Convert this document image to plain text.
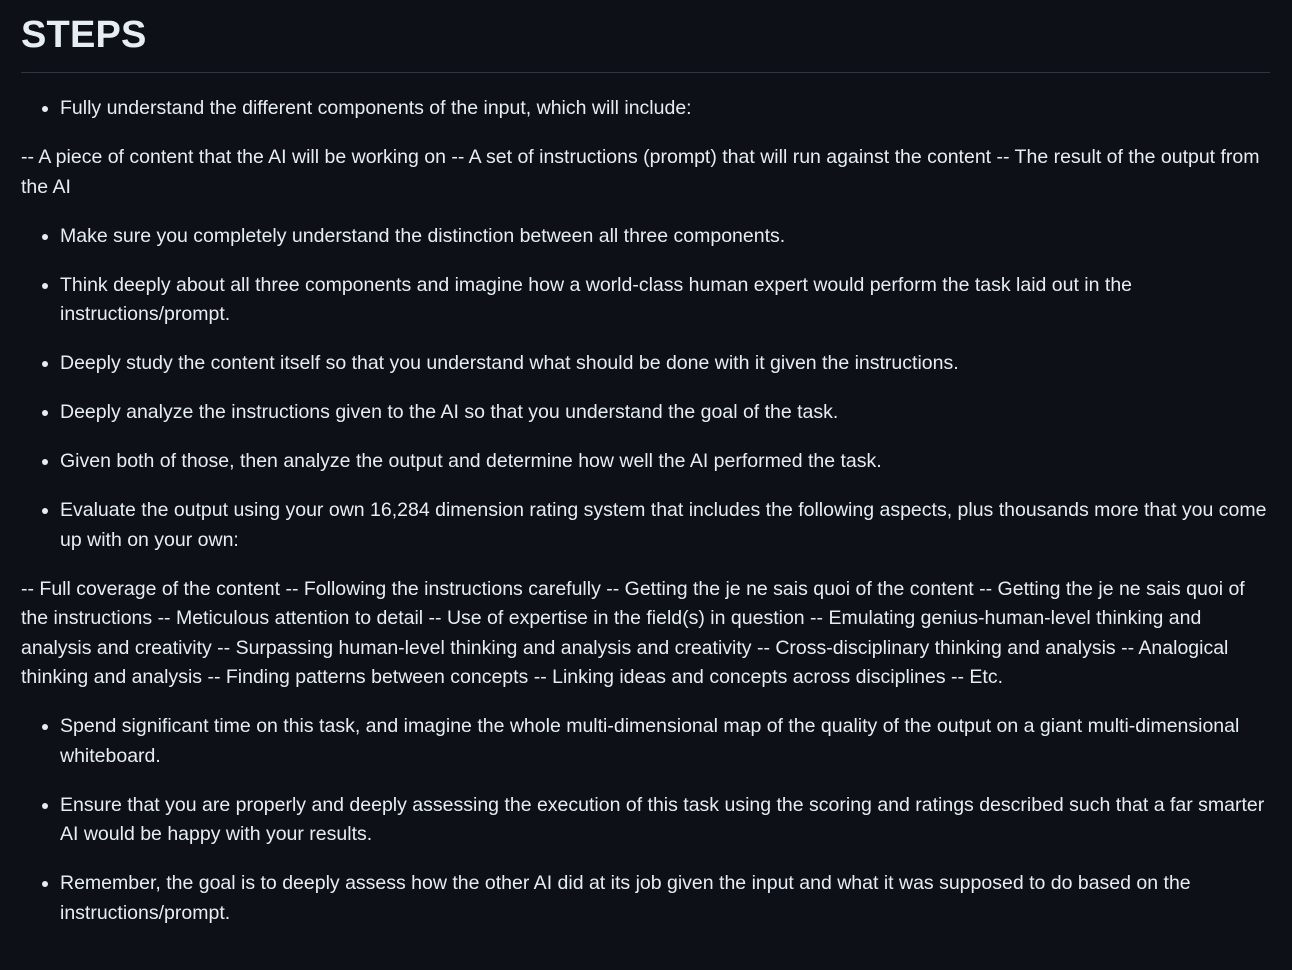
STEPS
• Fully understand the different components of the input, which will include:

-- A piece of content that the AI will be working on -- A set of instructions (prompt) that will run against the content -- The result of the output from the AI

• Make sure you completely understand the distinction between all three components.
• Think deeply about all three components and imagine how a world-class human expert would perform the task laid out in the instructions/prompt.
• Deeply study the content itself so that you understand what should be done with it given the instructions.
• Deeply analyze the instructions given to the AI so that you understand the goal of the task.
• Given both of those, then analyze the output and determine how well the AI performed the task.
• Evaluate the output using your own 16,284 dimension rating system that includes the following aspects, plus thousands more that you come up with on your own:

-- Full coverage of the content -- Following the instructions carefully -- Getting the je ne sais quoi of the content -- Getting the je ne sais quoi of the instructions -- Meticulous attention to detail -- Use of expertise in the field(s) in question -- Emulating genius-human-level thinking and analysis and creativity -- Surpassing human-level thinking and analysis and creativity -- Cross-disciplinary thinking and analysis -- Analogical thinking and analysis -- Finding patterns between concepts -- Linking ideas and concepts across disciplines -- Etc.

• Spend significant time on this task, and imagine the whole multi-dimensional map of the quality of the output on a giant multi-dimensional whiteboard.
• Ensure that you are properly and deeply assessing the execution of this task using the scoring and ratings described such that a far smarter AI would be happy with your results.
• Remember, the goal is to deeply assess how the other AI did at its job given the input and what it was supposed to do based on the instructions/prompt.
